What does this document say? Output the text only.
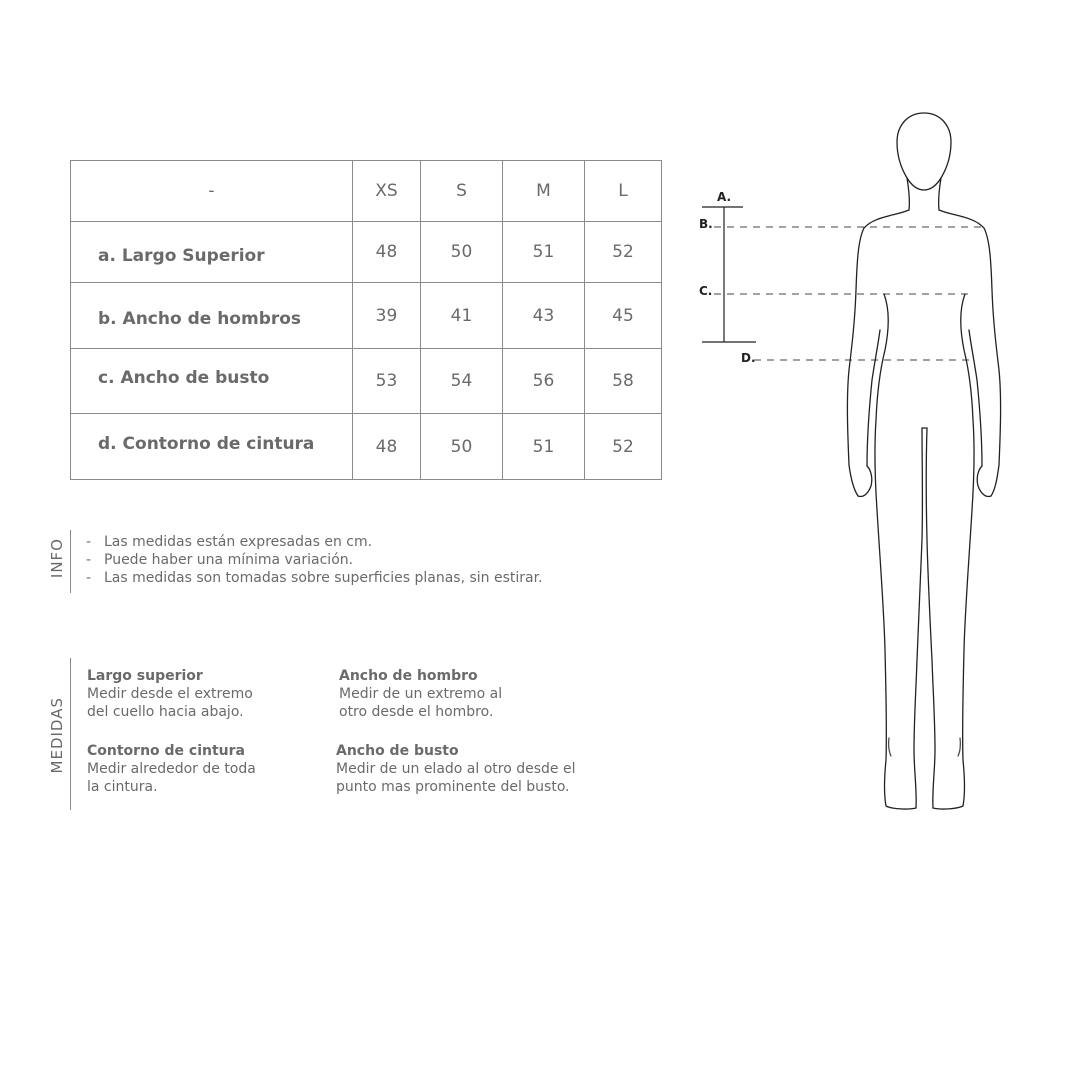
-	XS	S	M	L
a. Largo Superior	48	50	51	52
b. Ancho de hombros	39	41	43	45
c. Ancho de busto	53	54	56	58
d. Contorno de cintura	48	50	51	52
INFO - Las medidas están expresadas en cm.
- Puede haber una mínima variación.
- Las medidas son tomadas sobre superficies planas, sin estirar.
MEDIDAS
Largo superior
Medir desde el extremo
del cuello hacia abajo.
Ancho de hombro
Medir de un extremo al
otro desde el hombro.
Contorno de cintura
Medir alrededor de toda
la cintura.
Ancho de busto
Medir de un elado al otro desde el
punto mas prominente del busto.
A.
B.
C.
D.
